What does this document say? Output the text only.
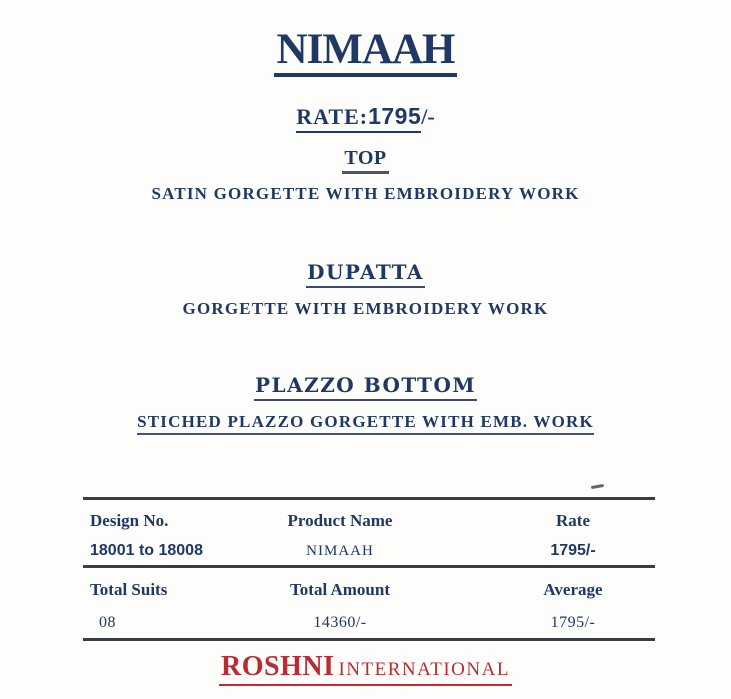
NIMAAH
RATE:1795/-
TOP
SATIN GORGETTE WITH EMBROIDERY WORK
DUPATTA
GORGETTE WITH EMBROIDERY WORK
PLAZZO BOTTOM
STICHED PLAZZO GORGETTE WITH EMB. WORK
Design No.	Product Name	Rate
18001 to 18008	NIMAAH	1795/-
Total Suits	Total Amount	Average
08	14360/-	1795/-
ROSHNI INTERNATIONAL
